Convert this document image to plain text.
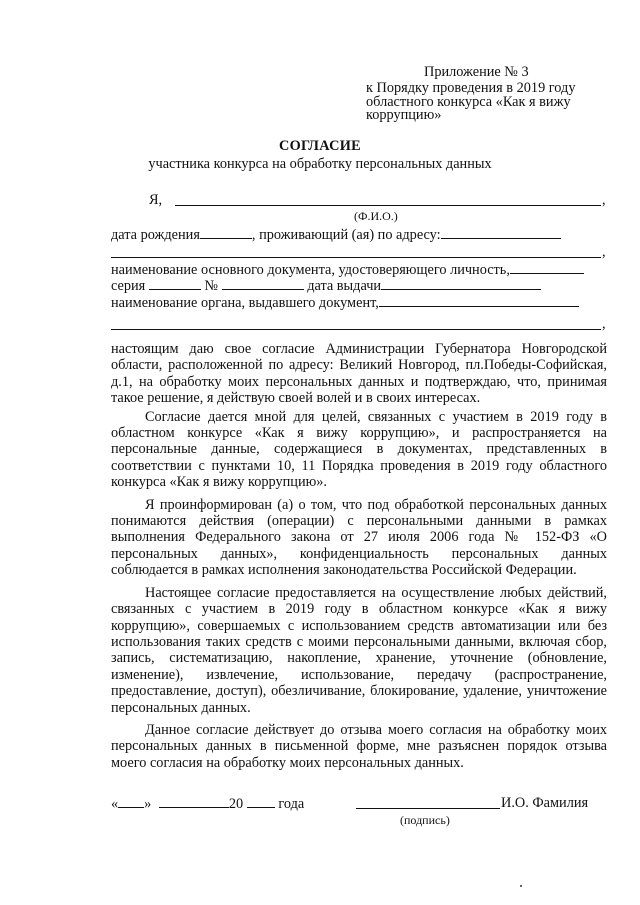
Приложение № 3
к Порядку проведения в 2019 году областного конкурса «Как я вижу коррупцию»
СОГЛАСИЕ
участника конкурса на обработку персональных данных
Я,	,
(Ф.И.О.)
дата рождения	, проживающий (ая) по адресу:
,
наименование основного документа, удостоверяющего личность,
серия	№	дата выдачи
наименование органа, выдавшего документ,
,

настоящим даю свое согласие Администрации Губернатора Новгородской области, расположенной по адресу: Великий Новгород, пл.Победы-Софийская, д.1, на обработку моих персональных данных и подтверждаю, что, принимая такое решение, я действую своей волей и в своих интересах.

Согласие дается мной для целей, связанных с участием в 2019 году в областном конкурсе «Как я вижу коррупцию», и распространяется на персональные данные, содержащиеся в документах, представленных в соответствии с пунктами 10, 11 Порядка проведения в 2019 году областного конкурса «Как я вижу коррупцию».

Я проинформирован (а) о том, что под обработкой персональных данных понимаются действия (операции) с персональными данными в рамках выполнения Федерального закона от 27 июля 2006 года № 152-ФЗ «О персональных данных», конфиденциальность персональных данных соблюдается в рамках исполнения законодательства Российской Федерации.

Настоящее согласие предоставляется на осуществление любых действий, связанных с участием в 2019 году в областном конкурсе «Как я вижу коррупцию», совершаемых с использованием средств автоматизации или без использования таких средств с моими персональными данными, включая сбор, запись, систематизацию, накопление, хранение, уточнение (обновление, изменение), извлечение, использование, передачу (распространение, предоставление, доступ), обезличивание, блокирование, удаление, уничтожение персональных данных.

Данное согласие действует до отзыва моего согласия на обработку моих персональных данных в письменной форме, мне разъяснен порядок отзыва моего согласия на обработку моих персональных данных.

« »	20 года	И.О. Фамилия
(подпись)
